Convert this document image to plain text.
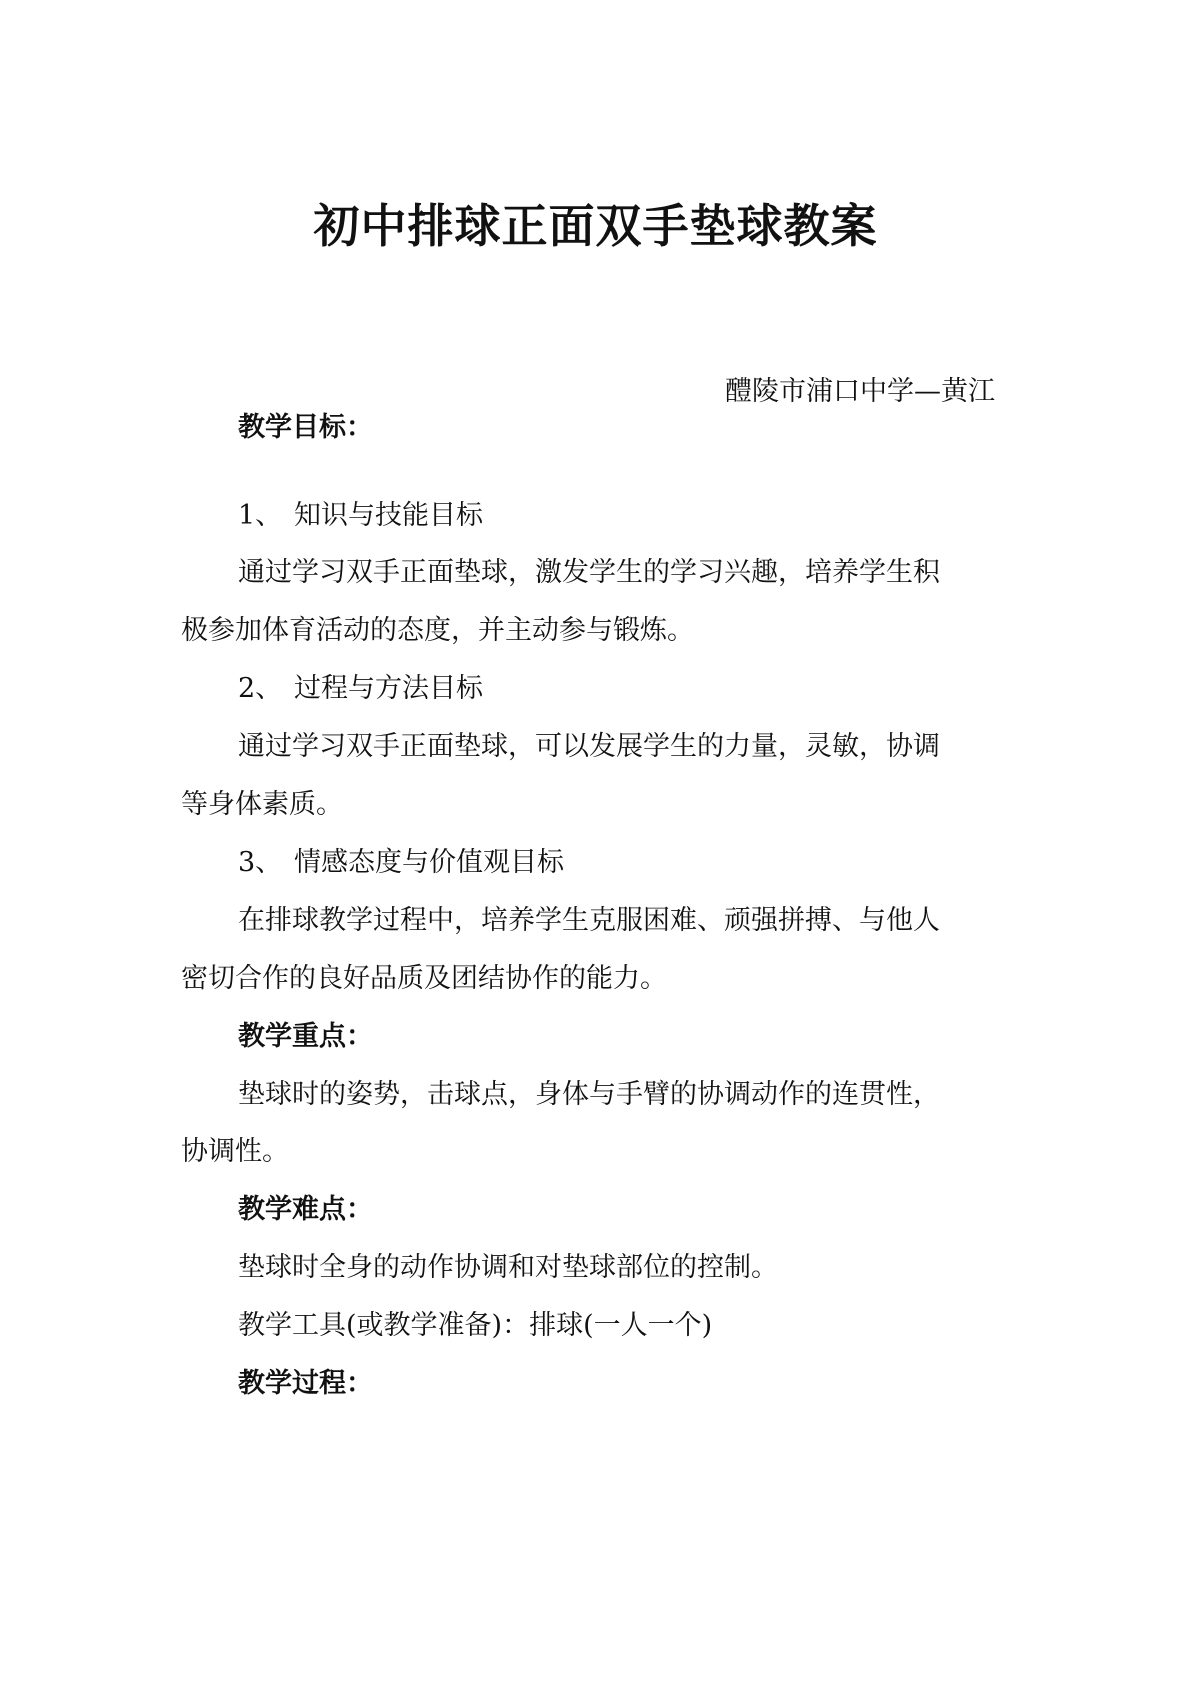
初中排球正面双手垫球教案
醴陵市浦口中学—黄江
教学目标：
1、 知识与技能目标
通过学习双手正面垫球，激发学生的学习兴趣，培养学生积
极参加体育活动的态度，并主动参与锻炼。
2、 过程与方法目标
通过学习双手正面垫球，可以发展学生的力量，灵敏，协调
等身体素质。
3、 情感态度与价值观目标
在排球教学过程中，培养学生克服困难、顽强拼搏、与他人
密切合作的良好品质及团结协作的能力。
教学重点：
垫球时的姿势，击球点，身体与手臂的协调动作的连贯性，
协调性。
教学难点：
垫球时全身的动作协调和对垫球部位的控制。
教学工具(或教学准备)：排球(一人一个)
教学过程：
